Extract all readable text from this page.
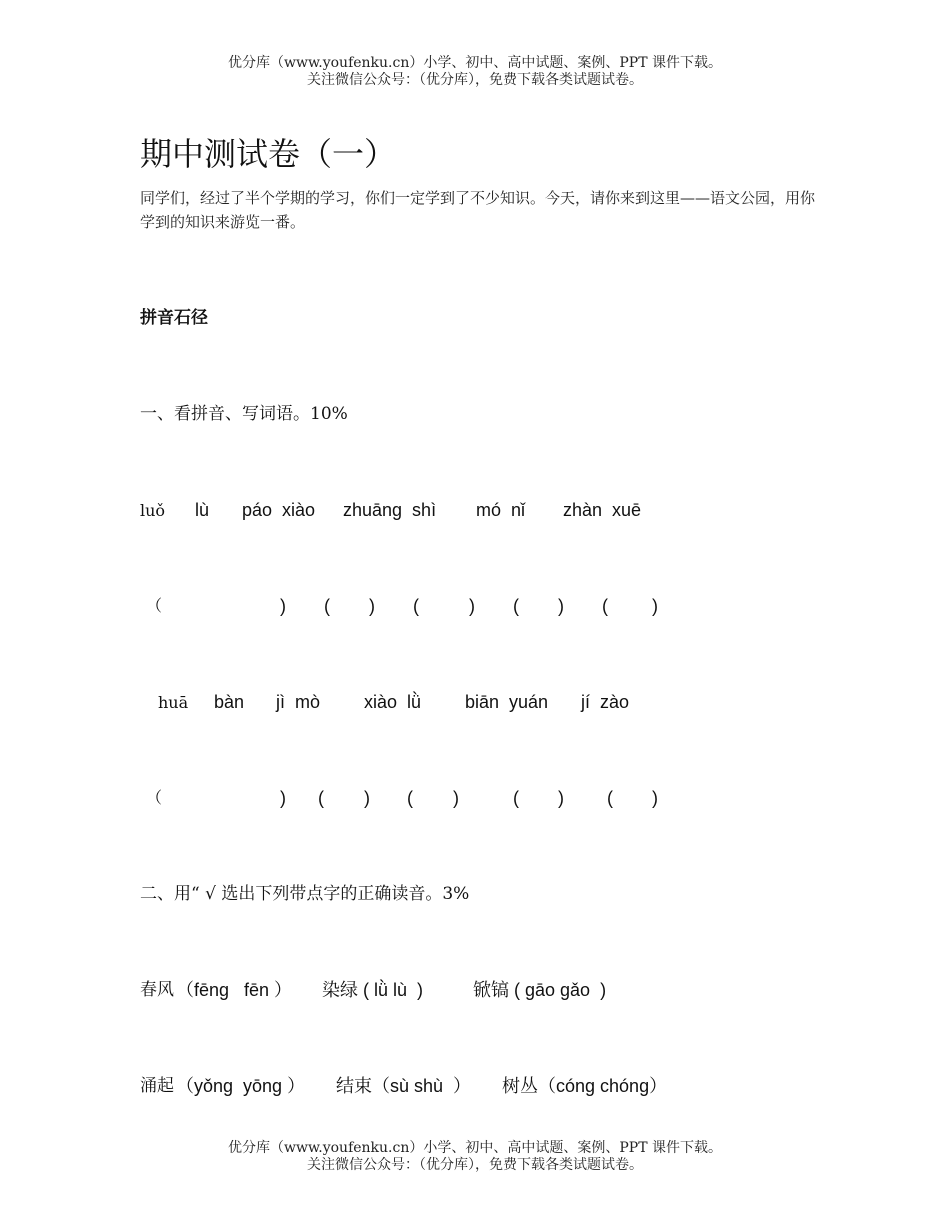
优分库（www.youfenku.cn）小学、初中、高中试题、案例、PPT 课件下载。
关注微信公众号：（优分库），免费下载各类试题试卷。
期中测试卷（一）
同学们，经过了半个学期的学习，你们一定学到了不少知识。今天，请你来到这里——语文公园，用你学到的知识来游览一番。
拼音石径
一、看拼音、写词语。10%
luǒ lù páo  xiào zhuāng  shì mó  nǐ zhàn  xuē
（	) ( ) (	) ( ) ( )
huā bàn jì  mò xiào  lǜ biān  yuán jí  zào
（	) ( ) ( )	( ) ( )
二、用“ √ 选出下列带点字的正确读音。3%
春风 （fēng   fēn ） 染绿 ( lǜ lù  )	锨镐 ( gāo gǎo  )
涌起 （yǒng  yōng ） 结束（sù shù  ） 树丛（cóng chóng）
优分库（www.youfenku.cn）小学、初中、高中试题、案例、PPT 课件下载。
关注微信公众号：（优分库），免费下载各类试题试卷。
